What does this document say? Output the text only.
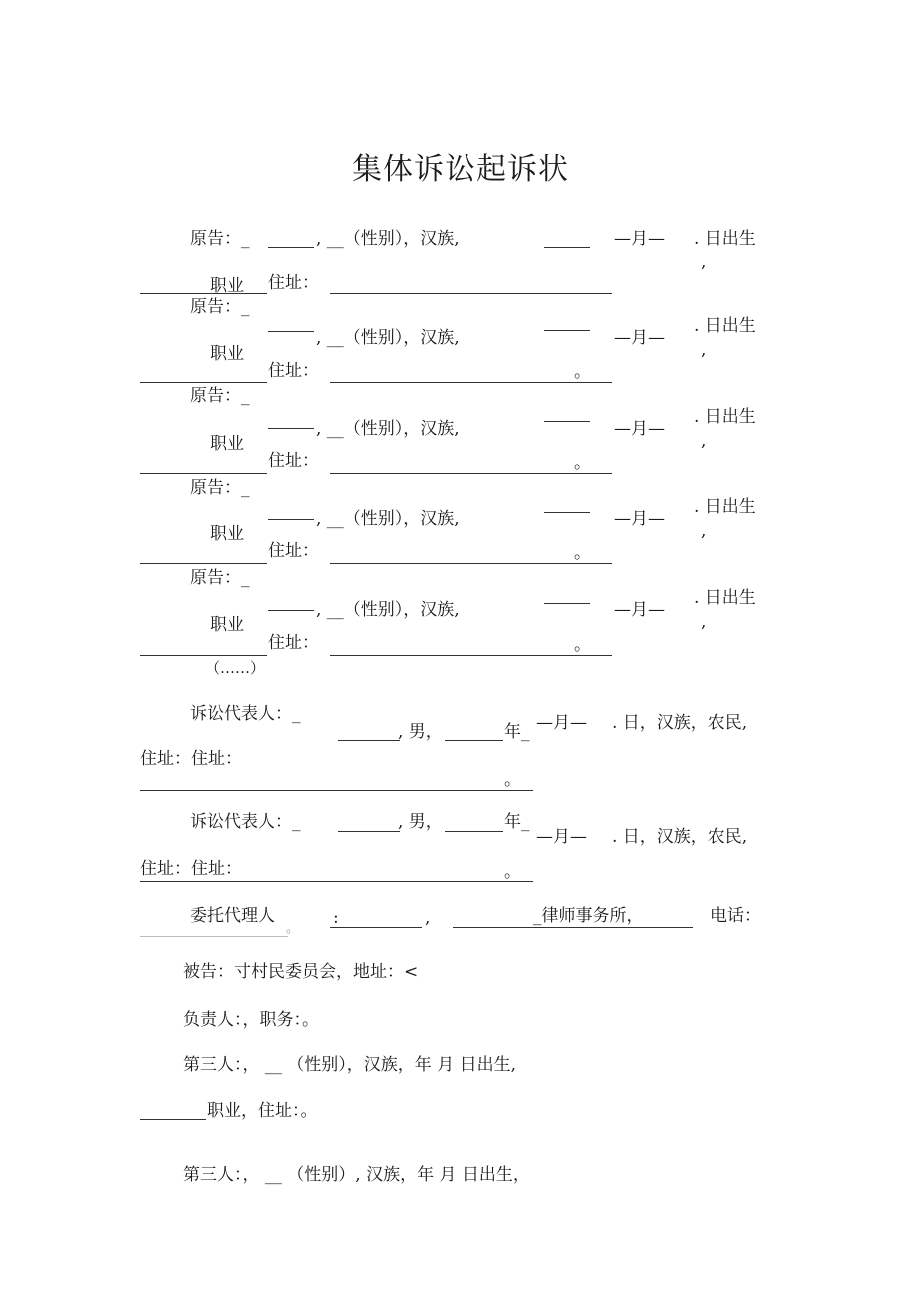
集体诉讼起诉状
原告：_	, __（性别），汉族,	—月— . 日出生
,
职业 住址：
原告：_
, __（性别），汉族,	—月—
. 日出生
,
职业
住址：	。
原告：_
, __（性别），汉族,	—月—
. 日出生
,
职业
住址：	。
原告：_
, __（性别），汉族,	—月—
. 日出生
,
职业
住址：	。
原告：_
, __（性别），汉族,	—月—
. 日出生
,
职业
住址：	。
（……）
诉讼代表人：_
, 男，	年_ —月— . 日，汉族，农民,
住址：住址：
。
诉讼代表人：_	, 男，	年_
—月— . 日，汉族，农民,
住址：住址：	。
委托代理人
。
:	,	_律师事务所，	电话：
被告：寸村民委员会，地址：<
负责人：，职务：。
第三人：， __ （性别），汉族，年 月 日出生,
职业，住址：。
第三人：， __ （性别）, 汉族，年 月 日出生，
